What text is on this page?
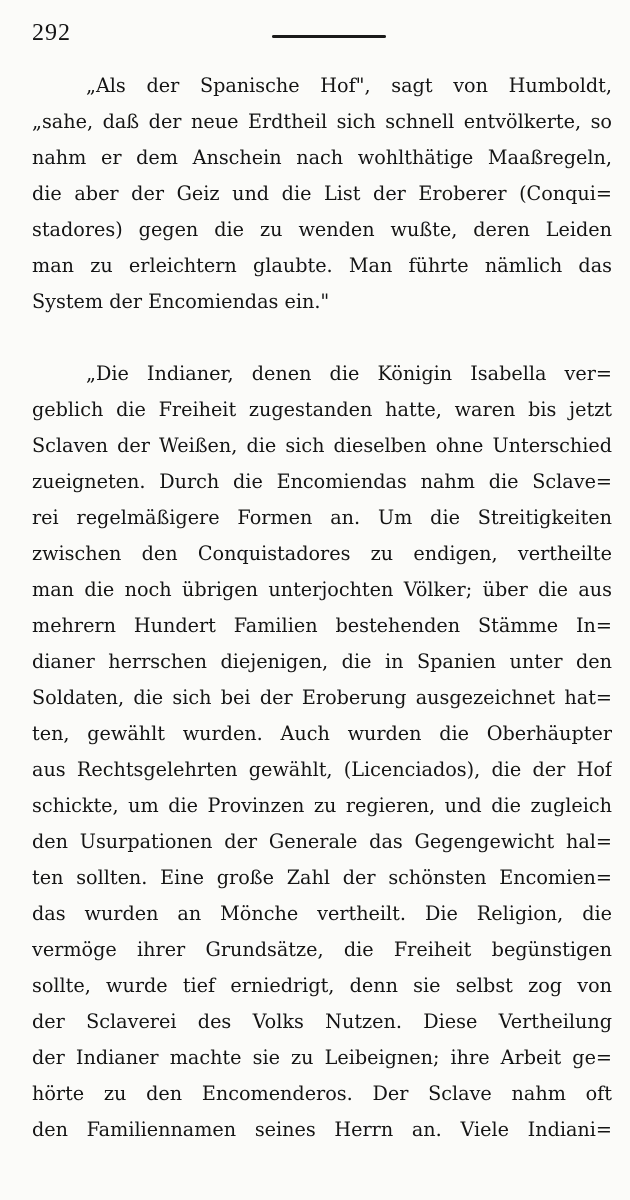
292
„Als der Spanische Hof", sagt von Humboldt,
„sahe, daß der neue Erdtheil sich schnell entvölkerte, so
nahm er dem Anschein nach wohlthätige Maaßregeln,
die aber der Geiz und die List der Eroberer (Conqui=
stadores) gegen die zu wenden wußte, deren Leiden
man zu erleichtern glaubte. Man führte nämlich das
System der Encomiendas ein."
„Die Indianer, denen die Königin Isabella ver=
geblich die Freiheit zugestanden hatte, waren bis jetzt
Sclaven der Weißen, die sich dieselben ohne Unterschied
zueigneten. Durch die Encomiendas nahm die Sclave=
rei regelmäßigere Formen an. Um die Streitigkeiten
zwischen den Conquistadores zu endigen, vertheilte
man die noch übrigen unterjochten Völker; über die aus
mehrern Hundert Familien bestehenden Stämme In=
dianer herrschen diejenigen, die in Spanien unter den
Soldaten, die sich bei der Eroberung ausgezeichnet hat=
ten, gewählt wurden. Auch wurden die Oberhäupter
aus Rechtsgelehrten gewählt, (Licenciados), die der Hof
schickte, um die Provinzen zu regieren, und die zugleich
den Usurpationen der Generale das Gegengewicht hal=
ten sollten. Eine große Zahl der schönsten Encomien=
das wurden an Mönche vertheilt. Die Religion, die
vermöge ihrer Grundsätze, die Freiheit begünstigen
sollte, wurde tief erniedrigt, denn sie selbst zog von
der Sclaverei des Volks Nutzen. Diese Vertheilung
der Indianer machte sie zu Leibeignen; ihre Arbeit ge=
hörte zu den Encomenderos. Der Sclave nahm oft
den Familiennamen seines Herrn an. Viele Indiani=
